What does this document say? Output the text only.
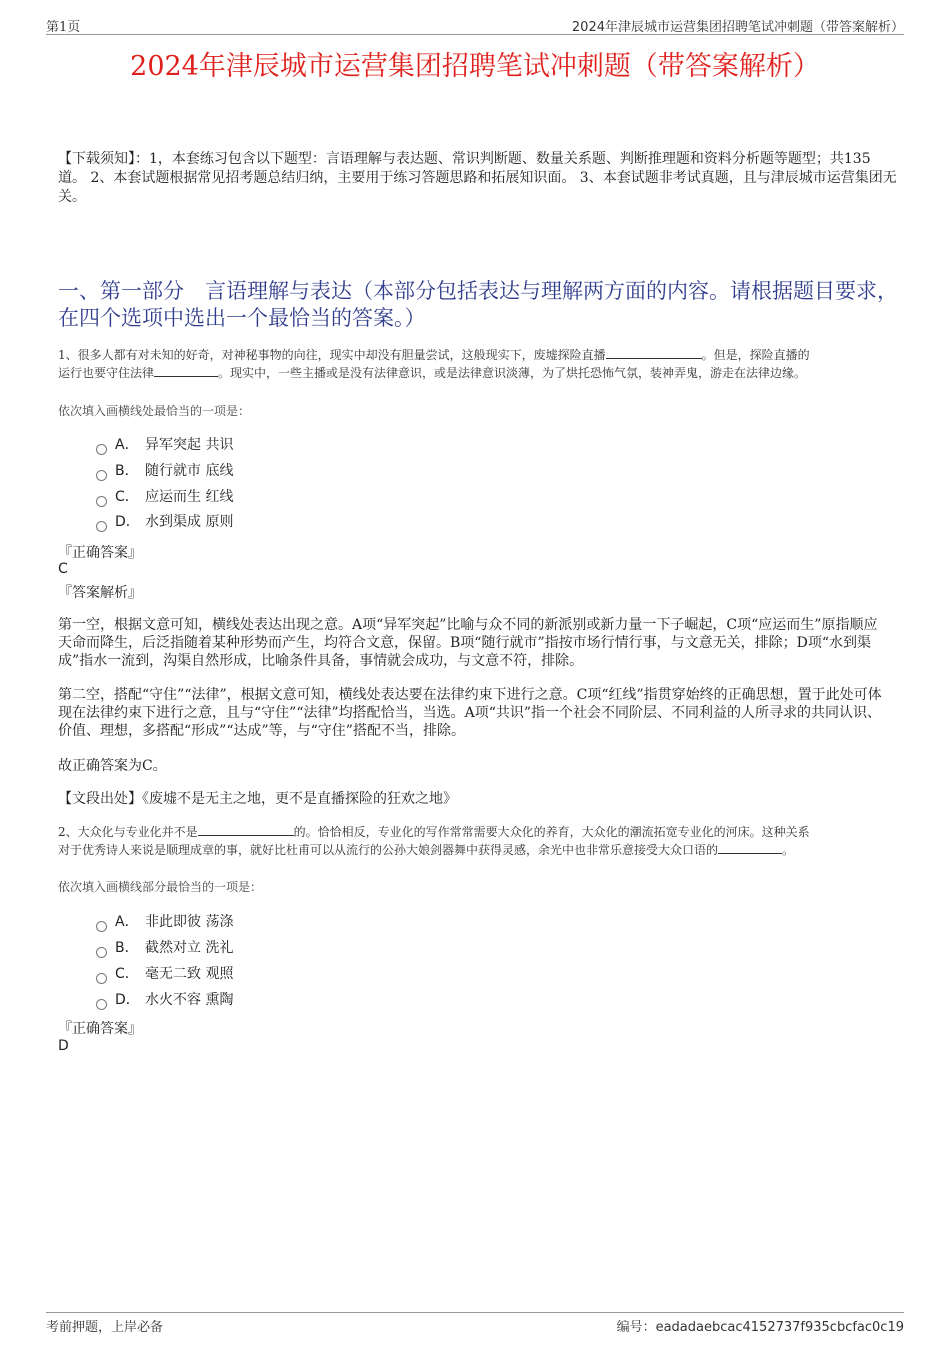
第1页	2024年津辰城市运营集团招聘笔试冲刺题（带答案解析）
2024年津辰城市运营集团招聘笔试冲刺题（带答案解析）
【下载须知】：1，本套练习包含以下题型：言语理解与表达题、常识判断题、数量关系题、判断推理题和资料分析题等题型；共135道。 2、本套试题根据常见招考题总结归纳，主要用于练习答题思路和拓展知识面。 3、本套试题非考试真题，且与津辰城市运营集团无关。
一、第一部分　言语理解与表达（本部分包括表达与理解两方面的内容。请根据题目要求，在四个选项中选出一个最恰当的答案。）
1、很多人都有对未知的好奇，对神秘事物的向往，现实中却没有胆量尝试，这般现实下，废墟探险直播	。但是，探险直播的
运行也要守住法律	。现实中，一些主播或是没有法律意识，或是法律意识淡薄，为了烘托恐怖气氛，装神弄鬼，游走在法律边缘。
依次填入画横线处最恰当的一项是：
A． 异军突起 共识
B． 随行就市 底线
C． 应运而生 红线
D． 水到渠成 原则
『正确答案』
C
『答案解析』
第一空，根据文意可知，横线处表达出现之意。A项“异军突起”比喻与众不同的新派别或新力量一下子崛起，C项“应运而生”原指顺应天命而降生，后泛指随着某种形势而产生，均符合文意，保留。B项“随行就市”指按市场行情行事，与文意无关，排除；D项“水到渠成”指水一流到，沟渠自然形成，比喻条件具备，事情就会成功，与文意不符，排除。
第二空，搭配“守住”“法律”，根据文意可知，横线处表达要在法律约束下进行之意。C项“红线”指贯穿始终的正确思想，置于此处可体现在法律约束下进行之意，且与“守住”“法律”均搭配恰当，当选。A项“共识”指一个社会不同阶层、不同利益的人所寻求的共同认识、价值、理想，多搭配“形成”“达成”等，与“守住”搭配不当，排除。
故正确答案为C。
【文段出处】《废墟不是无主之地，更不是直播探险的狂欢之地》
2、大众化与专业化并不是	的。恰恰相反，专业化的写作常常需要大众化的养育，大众化的潮流拓宽专业化的河床。这种关系
对于优秀诗人来说是顺理成章的事，就好比杜甫可以从流行的公孙大娘剑器舞中获得灵感，余光中也非常乐意接受大众口语的	。
依次填入画横线部分最恰当的一项是：
A． 非此即彼 荡涤
B． 截然对立 洗礼
C． 毫无二致 观照
D． 水火不容 熏陶
『正确答案』
D
考前押题，上岸必备	编号：eadadaebcac4152737f935cbcfac0c19
